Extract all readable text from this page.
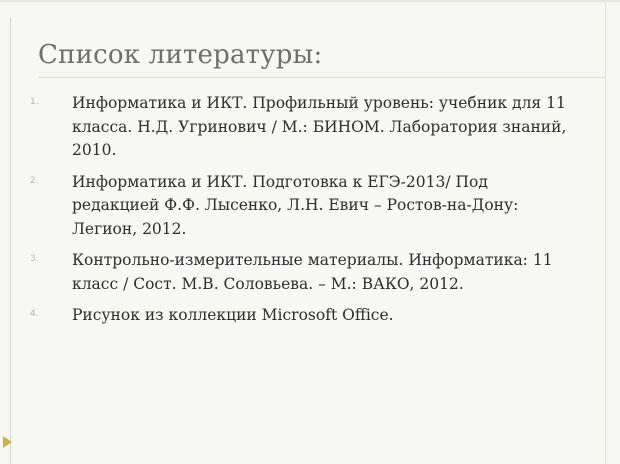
Список литературы:
1. Информатика и ИКТ. Профильный уровень: учебник для 11 класса. Н.Д. Угринович / М.: БИНОМ. Лаборатория знаний, 2010.
2. Информатика и ИКТ. Подготовка к ЕГЭ-2013/ Под редакцией Ф.Ф. Лысенко, Л.Н. Евич – Ростов-на-Дону: Легион, 2012.
3. Контрольно-измерительные материалы. Информатика: 11 класс / Сост. М.В. Соловьева. – М.: ВАКО, 2012.
4. Рисунок из коллекции Microsoft Office.
